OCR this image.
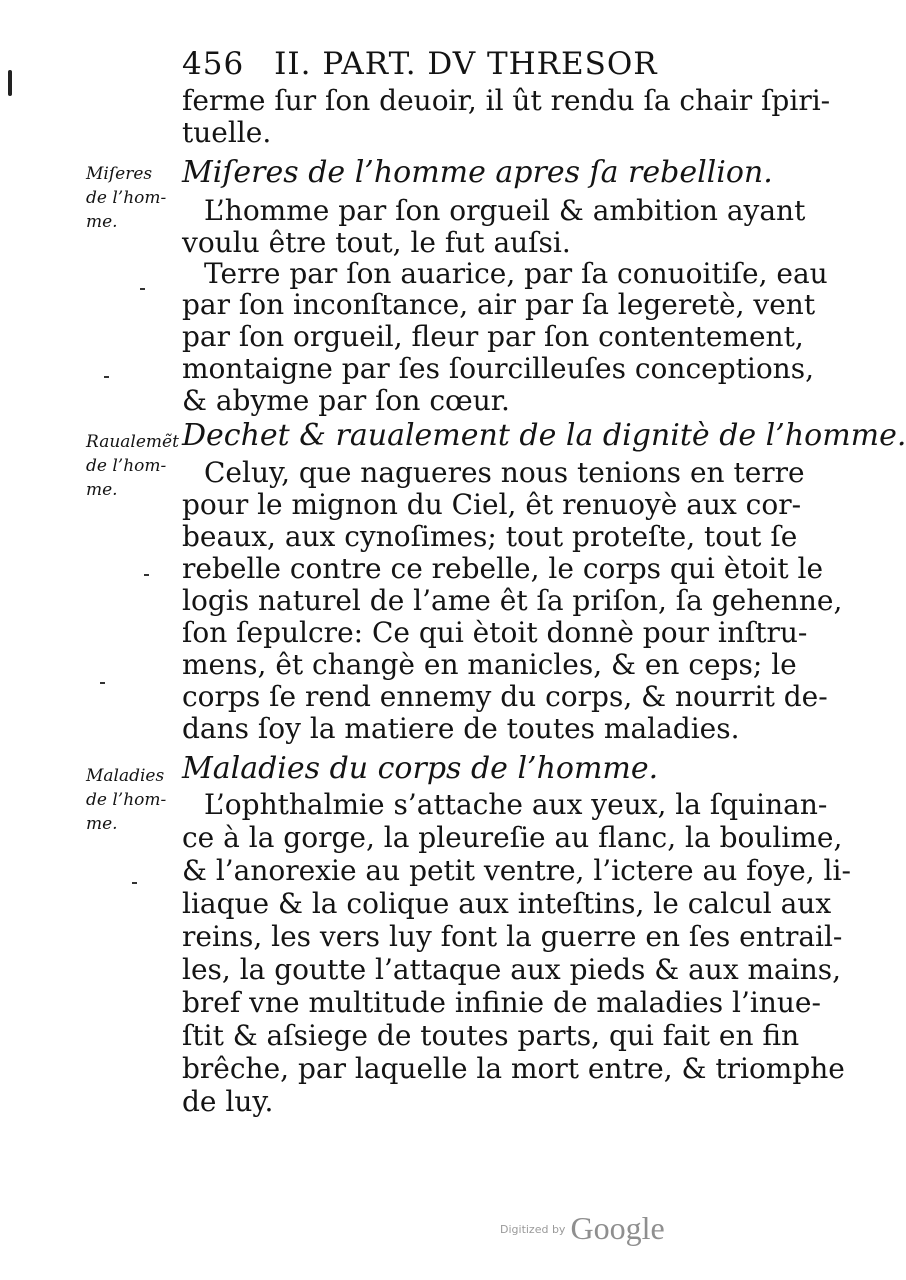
456 II. PART. DV THRESOR
ferme ſur ſon deuoir, il ût rendu ſa chair ſpiri-
tuelle.
Miſeres de l’homme apres ſa rebellion.
L’homme par ſon orgueil & ambition ayant
voulu être tout, le fut auſsi.
Terre par ſon auarice, par ſa conuoitiſe, eau
par ſon inconſtance, air par ſa legeretè, vent
par ſon orgueil, fleur par ſon contentement,
montaigne par ſes ſourcilleuſes conceptions,
& abyme par ſon cœur.
Dechet & raualement de la dignitè de l’homme.
Celuy, que nagueres nous tenions en terre
pour le mignon du Ciel, êt renuoyè aux cor-
beaux, aux cynoſimes; tout proteſte, tout ſe
rebelle contre ce rebelle, le corps qui ètoit le
logis naturel de l’ame êt ſa priſon, ſa gehenne,
ſon ſepulcre: Ce qui ètoit donnè pour inſtru-
mens, êt changè en manicles, & en ceps; le
corps ſe rend ennemy du corps, & nourrit de-
dans ſoy la matiere de toutes maladies.
Maladies du corps de l’homme.
L’ophthalmie s’attache aux yeux, la ſquinan-
ce à la gorge, la pleureſie au flanc, la boulime,
& l’anorexie au petit ventre, l’ictere au foye, li-
liaque & la colique aux inteſtins, le calcul aux
reins, les vers luy font la guerre en ſes entrail-
les, la goutte l’attaque aux pieds & aux mains,
bref vne multitude infinie de maladies l’inue-
ſtit & aſsiege de toutes parts, qui fait en fin
brêche, par laquelle la mort entre, & triomphe
de luy.
Miſeres
de l’hom-
me.
Raualemẽt
de l’hom-
me.
Maladies
de l’hom-
me.
$^{Digitized by}$ Google
